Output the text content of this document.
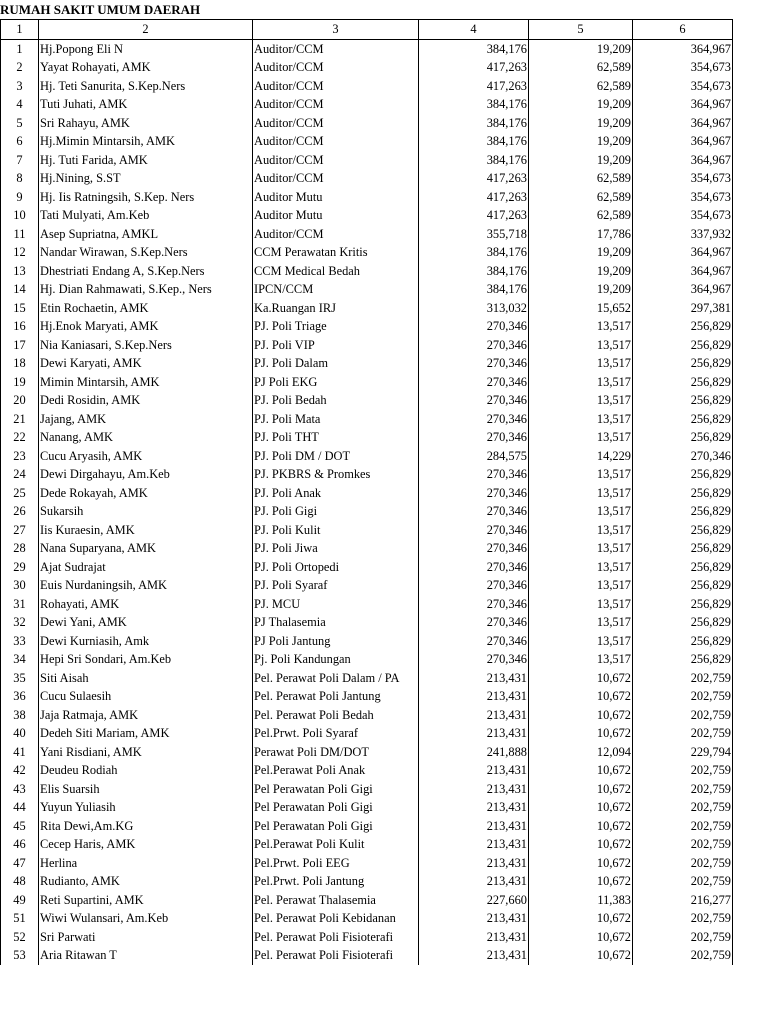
RUMAH SAKIT UMUM DAERAH
1	2	3	4	5	6
1	Hj.Popong Eli N	Auditor/CCM	384,176	19,209	364,967
2	Yayat Rohayati, AMK	Auditor/CCM	417,263	62,589	354,673
3	Hj. Teti Sanurita, S.Kep.Ners	Auditor/CCM	417,263	62,589	354,673
4	Tuti Juhati, AMK	Auditor/CCM	384,176	19,209	364,967
5	Sri Rahayu, AMK	Auditor/CCM	384,176	19,209	364,967
6	Hj.Mimin Mintarsih, AMK	Auditor/CCM	384,176	19,209	364,967
7	Hj. Tuti Farida, AMK	Auditor/CCM	384,176	19,209	364,967
8	Hj.Nining, S.ST	Auditor/CCM	417,263	62,589	354,673
9	Hj. Iis Ratningsih, S.Kep. Ners	Auditor Mutu	417,263	62,589	354,673
10	Tati Mulyati, Am.Keb	Auditor Mutu	417,263	62,589	354,673
11	Asep Supriatna, AMKL	Auditor/CCM	355,718	17,786	337,932
12	Nandar Wirawan, S.Kep.Ners	CCM Perawatan Kritis	384,176	19,209	364,967
13	Dhestriati Endang A, S.Kep.Ners	CCM Medical Bedah	384,176	19,209	364,967
14	Hj. Dian Rahmawati, S.Kep., Ners	IPCN/CCM	384,176	19,209	364,967
15	Etin Rochaetin, AMK	Ka.Ruangan IRJ	313,032	15,652	297,381
16	Hj.Enok Maryati, AMK	PJ. Poli Triage	270,346	13,517	256,829
17	Nia Kaniasari, S.Kep.Ners	PJ. Poli VIP	270,346	13,517	256,829
18	Dewi Karyati, AMK	PJ. Poli Dalam	270,346	13,517	256,829
19	Mimin Mintarsih, AMK	PJ Poli EKG	270,346	13,517	256,829
20	Dedi Rosidin, AMK	PJ. Poli Bedah	270,346	13,517	256,829
21	Jajang, AMK	PJ. Poli Mata	270,346	13,517	256,829
22	Nanang, AMK	PJ. Poli THT	270,346	13,517	256,829
23	Cucu Aryasih, AMK	PJ. Poli DM / DOT	284,575	14,229	270,346
24	Dewi Dirgahayu, Am.Keb	PJ. PKBRS & Promkes	270,346	13,517	256,829
25	Dede Rokayah, AMK	PJ. Poli Anak	270,346	13,517	256,829
26	Sukarsih	PJ. Poli Gigi	270,346	13,517	256,829
27	Iis Kuraesin, AMK	PJ. Poli Kulit	270,346	13,517	256,829
28	Nana Suparyana, AMK	PJ. Poli Jiwa	270,346	13,517	256,829
29	Ajat Sudrajat	PJ. Poli Ortopedi	270,346	13,517	256,829
30	Euis Nurdaningsih, AMK	PJ. Poli Syaraf	270,346	13,517	256,829
31	Rohayati, AMK	PJ. MCU	270,346	13,517	256,829
32	Dewi Yani, AMK	PJ Thalasemia	270,346	13,517	256,829
33	Dewi Kurniasih, Amk	PJ Poli Jantung	270,346	13,517	256,829
34	Hepi Sri Sondari, Am.Keb	Pj. Poli Kandungan	270,346	13,517	256,829
35	Siti Aisah	Pel. Perawat Poli Dalam / PA	213,431	10,672	202,759
36	Cucu Sulaesih	Pel. Perawat Poli Jantung	213,431	10,672	202,759
38	Jaja Ratmaja, AMK	Pel. Perawat Poli Bedah	213,431	10,672	202,759
40	Dedeh Siti Mariam, AMK	Pel.Prwt. Poli Syaraf	213,431	10,672	202,759
41	Yani Risdiani, AMK	Perawat Poli DM/DOT	241,888	12,094	229,794
42	Deudeu Rodiah	Pel.Perawat Poli Anak	213,431	10,672	202,759
43	Elis Suarsih	Pel Perawatan Poli Gigi	213,431	10,672	202,759
44	Yuyun Yuliasih	Pel Perawatan Poli Gigi	213,431	10,672	202,759
45	Rita Dewi,Am.KG	Pel Perawatan Poli Gigi	213,431	10,672	202,759
46	Cecep Haris, AMK	Pel.Perawat Poli Kulit	213,431	10,672	202,759
47	Herlina	Pel.Prwt. Poli EEG	213,431	10,672	202,759
48	Rudianto, AMK	Pel.Prwt. Poli Jantung	213,431	10,672	202,759
49	Reti Supartini, AMK	Pel. Perawat Thalasemia	227,660	11,383	216,277
51	Wiwi Wulansari, Am.Keb	Pel. Perawat Poli Kebidanan	213,431	10,672	202,759
52	Sri Parwati	Pel. Perawat Poli Fisioterafi	213,431	10,672	202,759
53	Aria Ritawan T	Pel. Perawat Poli Fisioterafi	213,431	10,672	202,759
